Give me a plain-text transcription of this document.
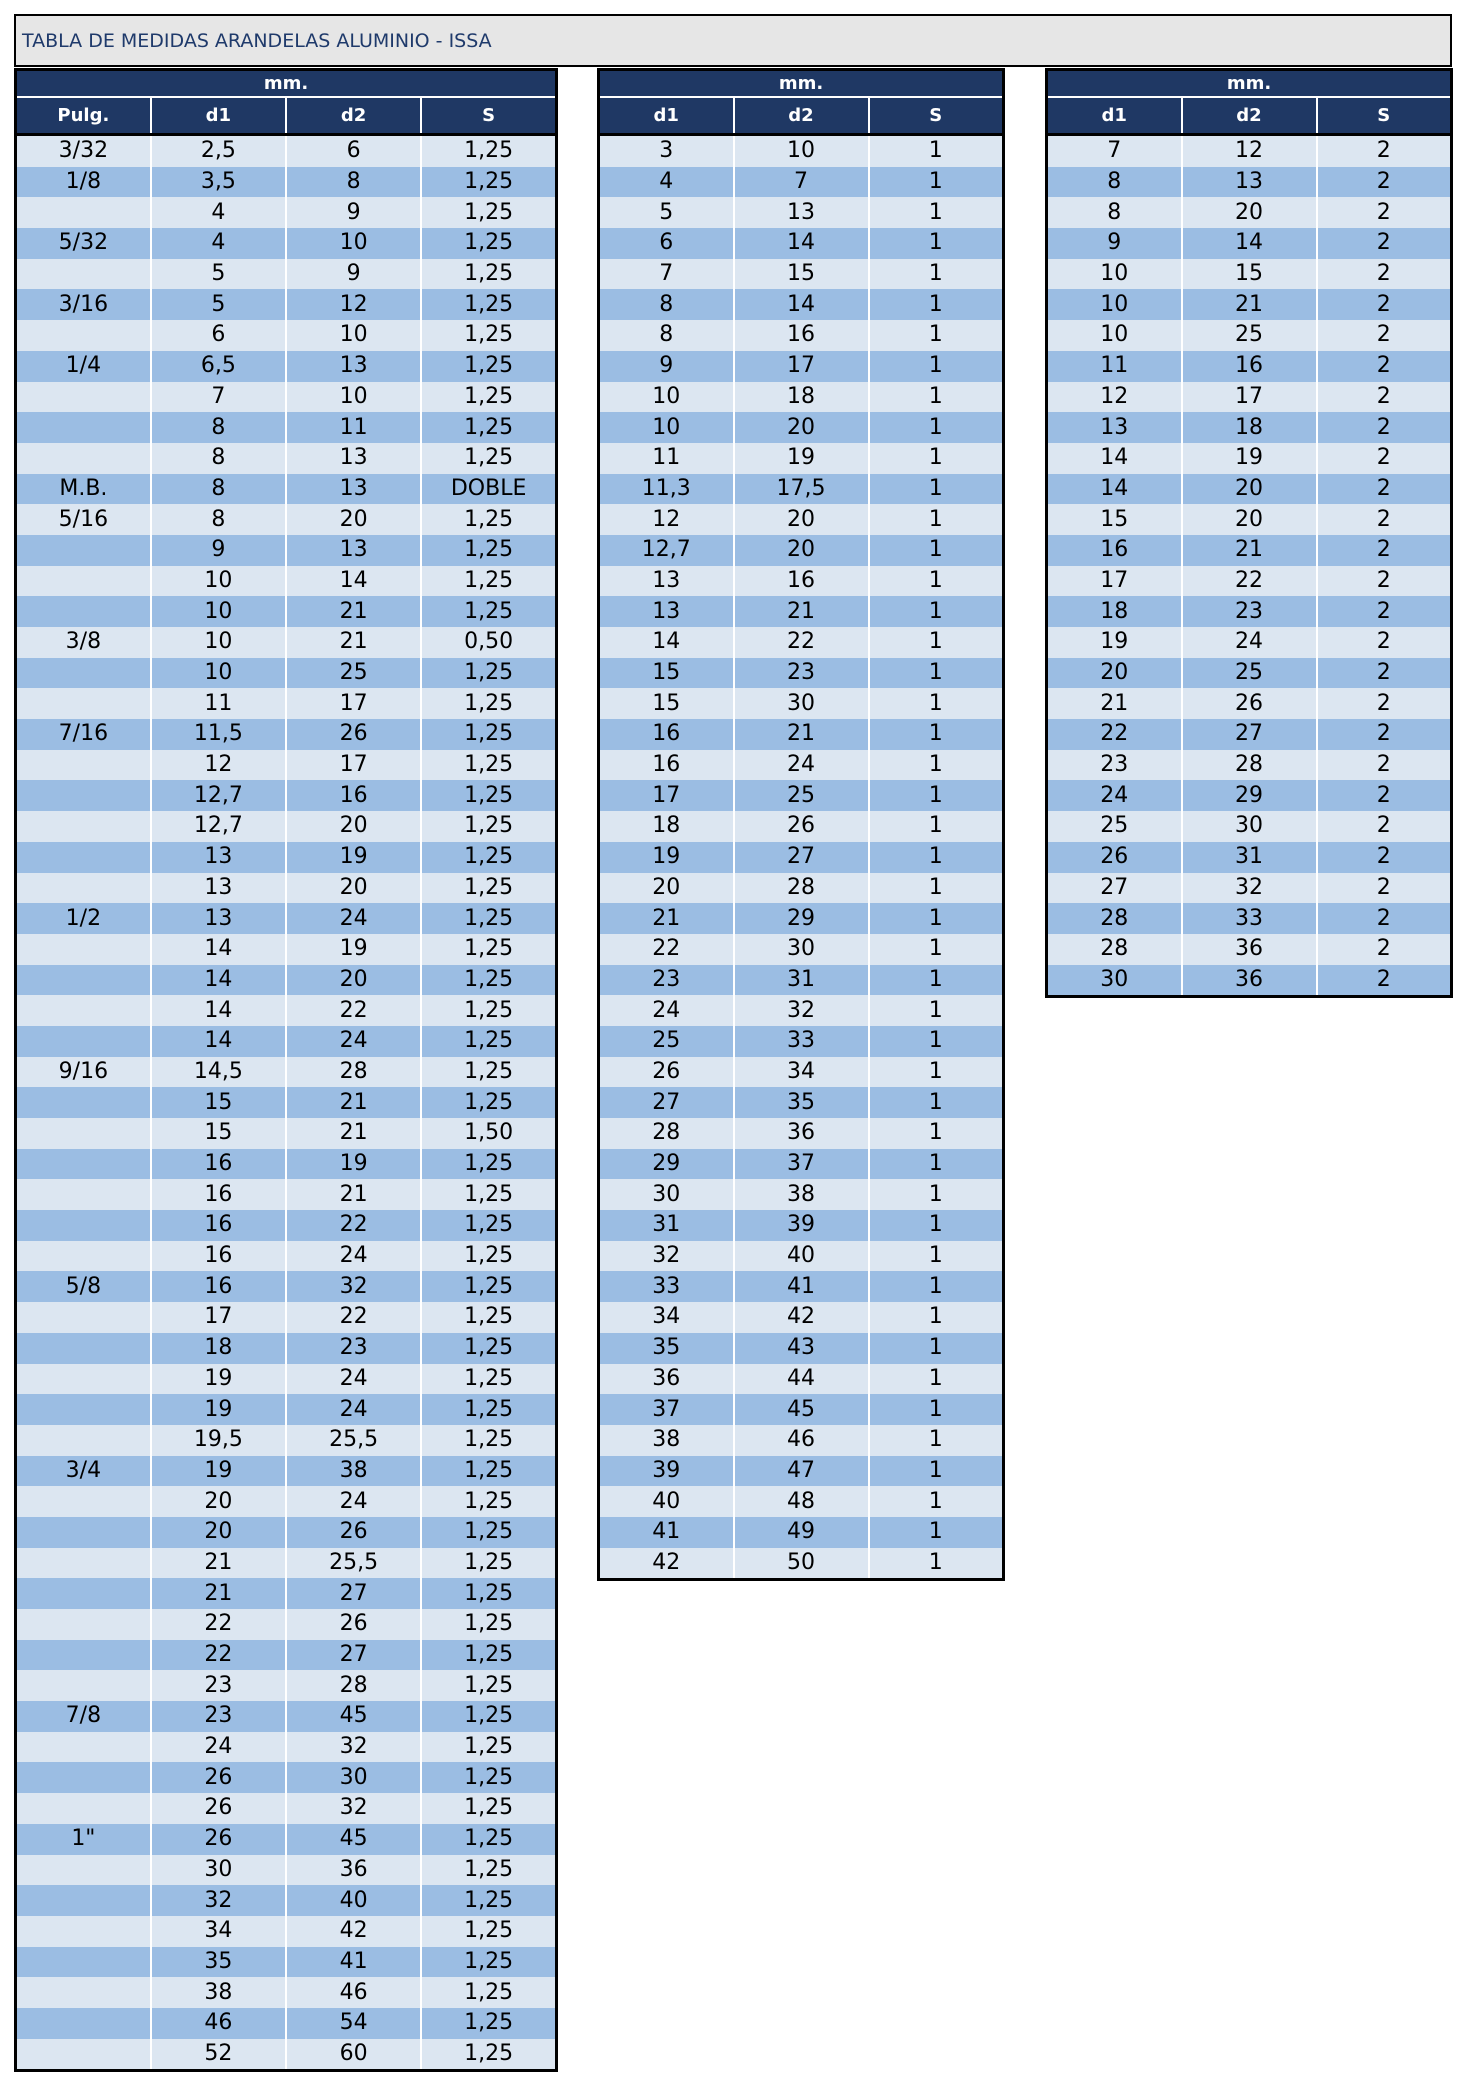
TABLA DE MEDIDAS ARANDELAS ALUMINIO - ISSA
mm.			
Pulg.	d1	d2	S
3/32	2,5	6	1,25
1/8	3,5	8	1,25
	4	9	1,25
5/32	4	10	1,25
	5	9	1,25
3/16	5	12	1,25
	6	10	1,25
1/4	6,5	13	1,25
	7	10	1,25
	8	11	1,25
	8	13	1,25
M.B.	8	13	DOBLE
5/16	8	20	1,25
	9	13	1,25
	10	14	1,25
	10	21	1,25
3/8	10	21	0,50
	10	25	1,25
	11	17	1,25
7/16	11,5	26	1,25
	12	17	1,25
	12,7	16	1,25
	12,7	20	1,25
	13	19	1,25
	13	20	1,25
1/2	13	24	1,25
	14	19	1,25
	14	20	1,25
	14	22	1,25
	14	24	1,25
9/16	14,5	28	1,25
	15	21	1,25
	15	21	1,50
	16	19	1,25
	16	21	1,25
	16	22	1,25
	16	24	1,25
5/8	16	32	1,25
	17	22	1,25
	18	23	1,25
	19	24	1,25
	19	24	1,25
	19,5	25,5	1,25
3/4	19	38	1,25
	20	24	1,25
	20	26	1,25
	21	25,5	1,25
	21	27	1,25
	22	26	1,25
	22	27	1,25
	23	28	1,25
7/8	23	45	1,25
	24	32	1,25
	26	30	1,25
	26	32	1,25
1"	26	45	1,25
	30	36	1,25
	32	40	1,25
	34	42	1,25
	35	41	1,25
	38	46	1,25
	46	54	1,25
	52	60	1,25
mm.		
d1	d2	S
3	10	1
4	7	1
5	13	1
6	14	1
7	15	1
8	14	1
8	16	1
9	17	1
10	18	1
10	20	1
11	19	1
11,3	17,5	1
12	20	1
12,7	20	1
13	16	1
13	21	1
14	22	1
15	23	1
15	30	1
16	21	1
16	24	1
17	25	1
18	26	1
19	27	1
20	28	1
21	29	1
22	30	1
23	31	1
24	32	1
25	33	1
26	34	1
27	35	1
28	36	1
29	37	1
30	38	1
31	39	1
32	40	1
33	41	1
34	42	1
35	43	1
36	44	1
37	45	1
38	46	1
39	47	1
40	48	1
41	49	1
42	50	1
mm.		
d1	d2	S
7	12	2
8	13	2
8	20	2
9	14	2
10	15	2
10	21	2
10	25	2
11	16	2
12	17	2
13	18	2
14	19	2
14	20	2
15	20	2
16	21	2
17	22	2
18	23	2
19	24	2
20	25	2
21	26	2
22	27	2
23	28	2
24	29	2
25	30	2
26	31	2
27	32	2
28	33	2
28	36	2
30	36	2
